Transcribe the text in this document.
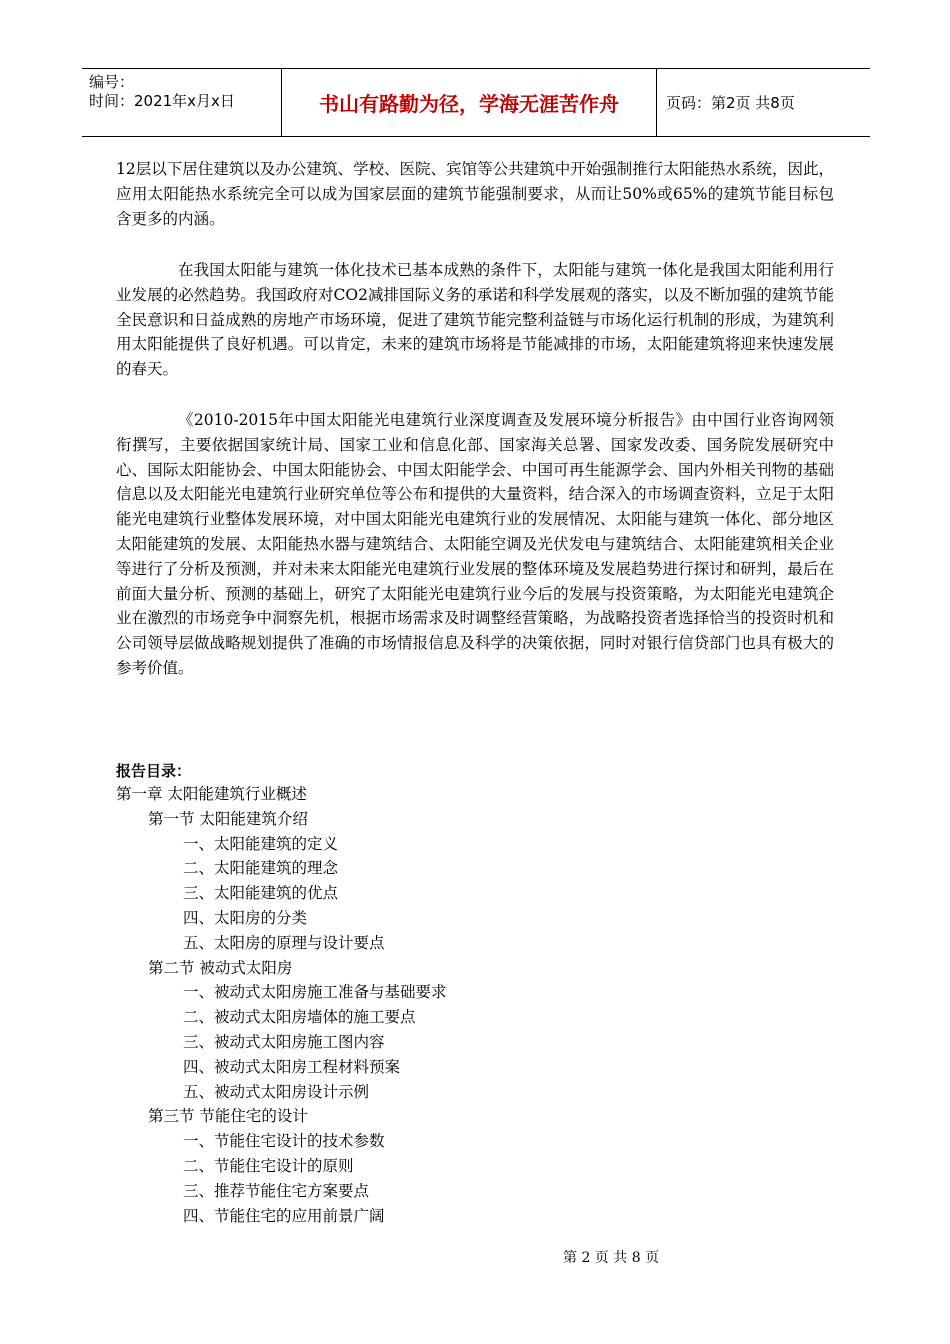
编号：
时间：2021年x月x日	书山有路勤为径，学海无涯苦作舟	页码：第2页 共8页

12层以下居住建筑以及办公建筑、学校、医院、宾馆等公共建筑中开始强制推行太阳能热水系统，因此，应用太阳能热水系统完全可以成为国家层面的建筑节能强制要求，从而让50%或65%的建筑节能目标包含更多的内涵。

在我国太阳能与建筑一体化技术已基本成熟的条件下，太阳能与建筑一体化是我国太阳能利用行业发展的必然趋势。我国政府对CO2减排国际义务的承诺和科学发展观的落实，以及不断加强的建筑节能全民意识和日益成熟的房地产市场环境，促进了建筑节能完整利益链与市场化运行机制的形成，为建筑利用太阳能提供了良好机遇。可以肯定，未来的建筑市场将是节能减排的市场，太阳能建筑将迎来快速发展的春天。

《2010-2015年中国太阳能光电建筑行业深度调查及发展环境分析报告》由中国行业咨询网领衔撰写，主要依据国家统计局、国家工业和信息化部、国家海关总署、国家发改委、国务院发展研究中心、国际太阳能协会、中国太阳能协会、中国太阳能学会、中国可再生能源学会、国内外相关刊物的基础信息以及太阳能光电建筑行业研究单位等公布和提供的大量资料，结合深入的市场调查资料，立足于太阳能光电建筑行业整体发展环境，对中国太阳能光电建筑行业的发展情况、太阳能与建筑一体化、部分地区太阳能建筑的发展、太阳能热水器与建筑结合、太阳能空调及光伏发电与建筑结合、太阳能建筑相关企业等进行了分析及预测，并对未来太阳能光电建筑行业发展的整体环境及发展趋势进行探讨和研判，最后在前面大量分析、预测的基础上，研究了太阳能光电建筑行业今后的发展与投资策略，为太阳能光电建筑企业在激烈的市场竞争中洞察先机，根据市场需求及时调整经营策略，为战略投资者选择恰当的投资时机和公司领导层做战略规划提供了准确的市场情报信息及科学的决策依据，同时对银行信贷部门也具有极大的参考价值。

报告目录：
第一章 太阳能建筑行业概述
第一节 太阳能建筑介绍
一、太阳能建筑的定义
二、太阳能建筑的理念
三、太阳能建筑的优点
四、太阳房的分类
五、太阳房的原理与设计要点
第二节 被动式太阳房
一、被动式太阳房施工准备与基础要求
二、被动式太阳房墙体的施工要点
三、被动式太阳房施工图内容
四、被动式太阳房工程材料预案
五、被动式太阳房设计示例
第三节 节能住宅的设计
一、节能住宅设计的技术参数
二、节能住宅设计的原则
三、推荐节能住宅方案要点
四、节能住宅的应用前景广阔
第 2 页 共 8 页
